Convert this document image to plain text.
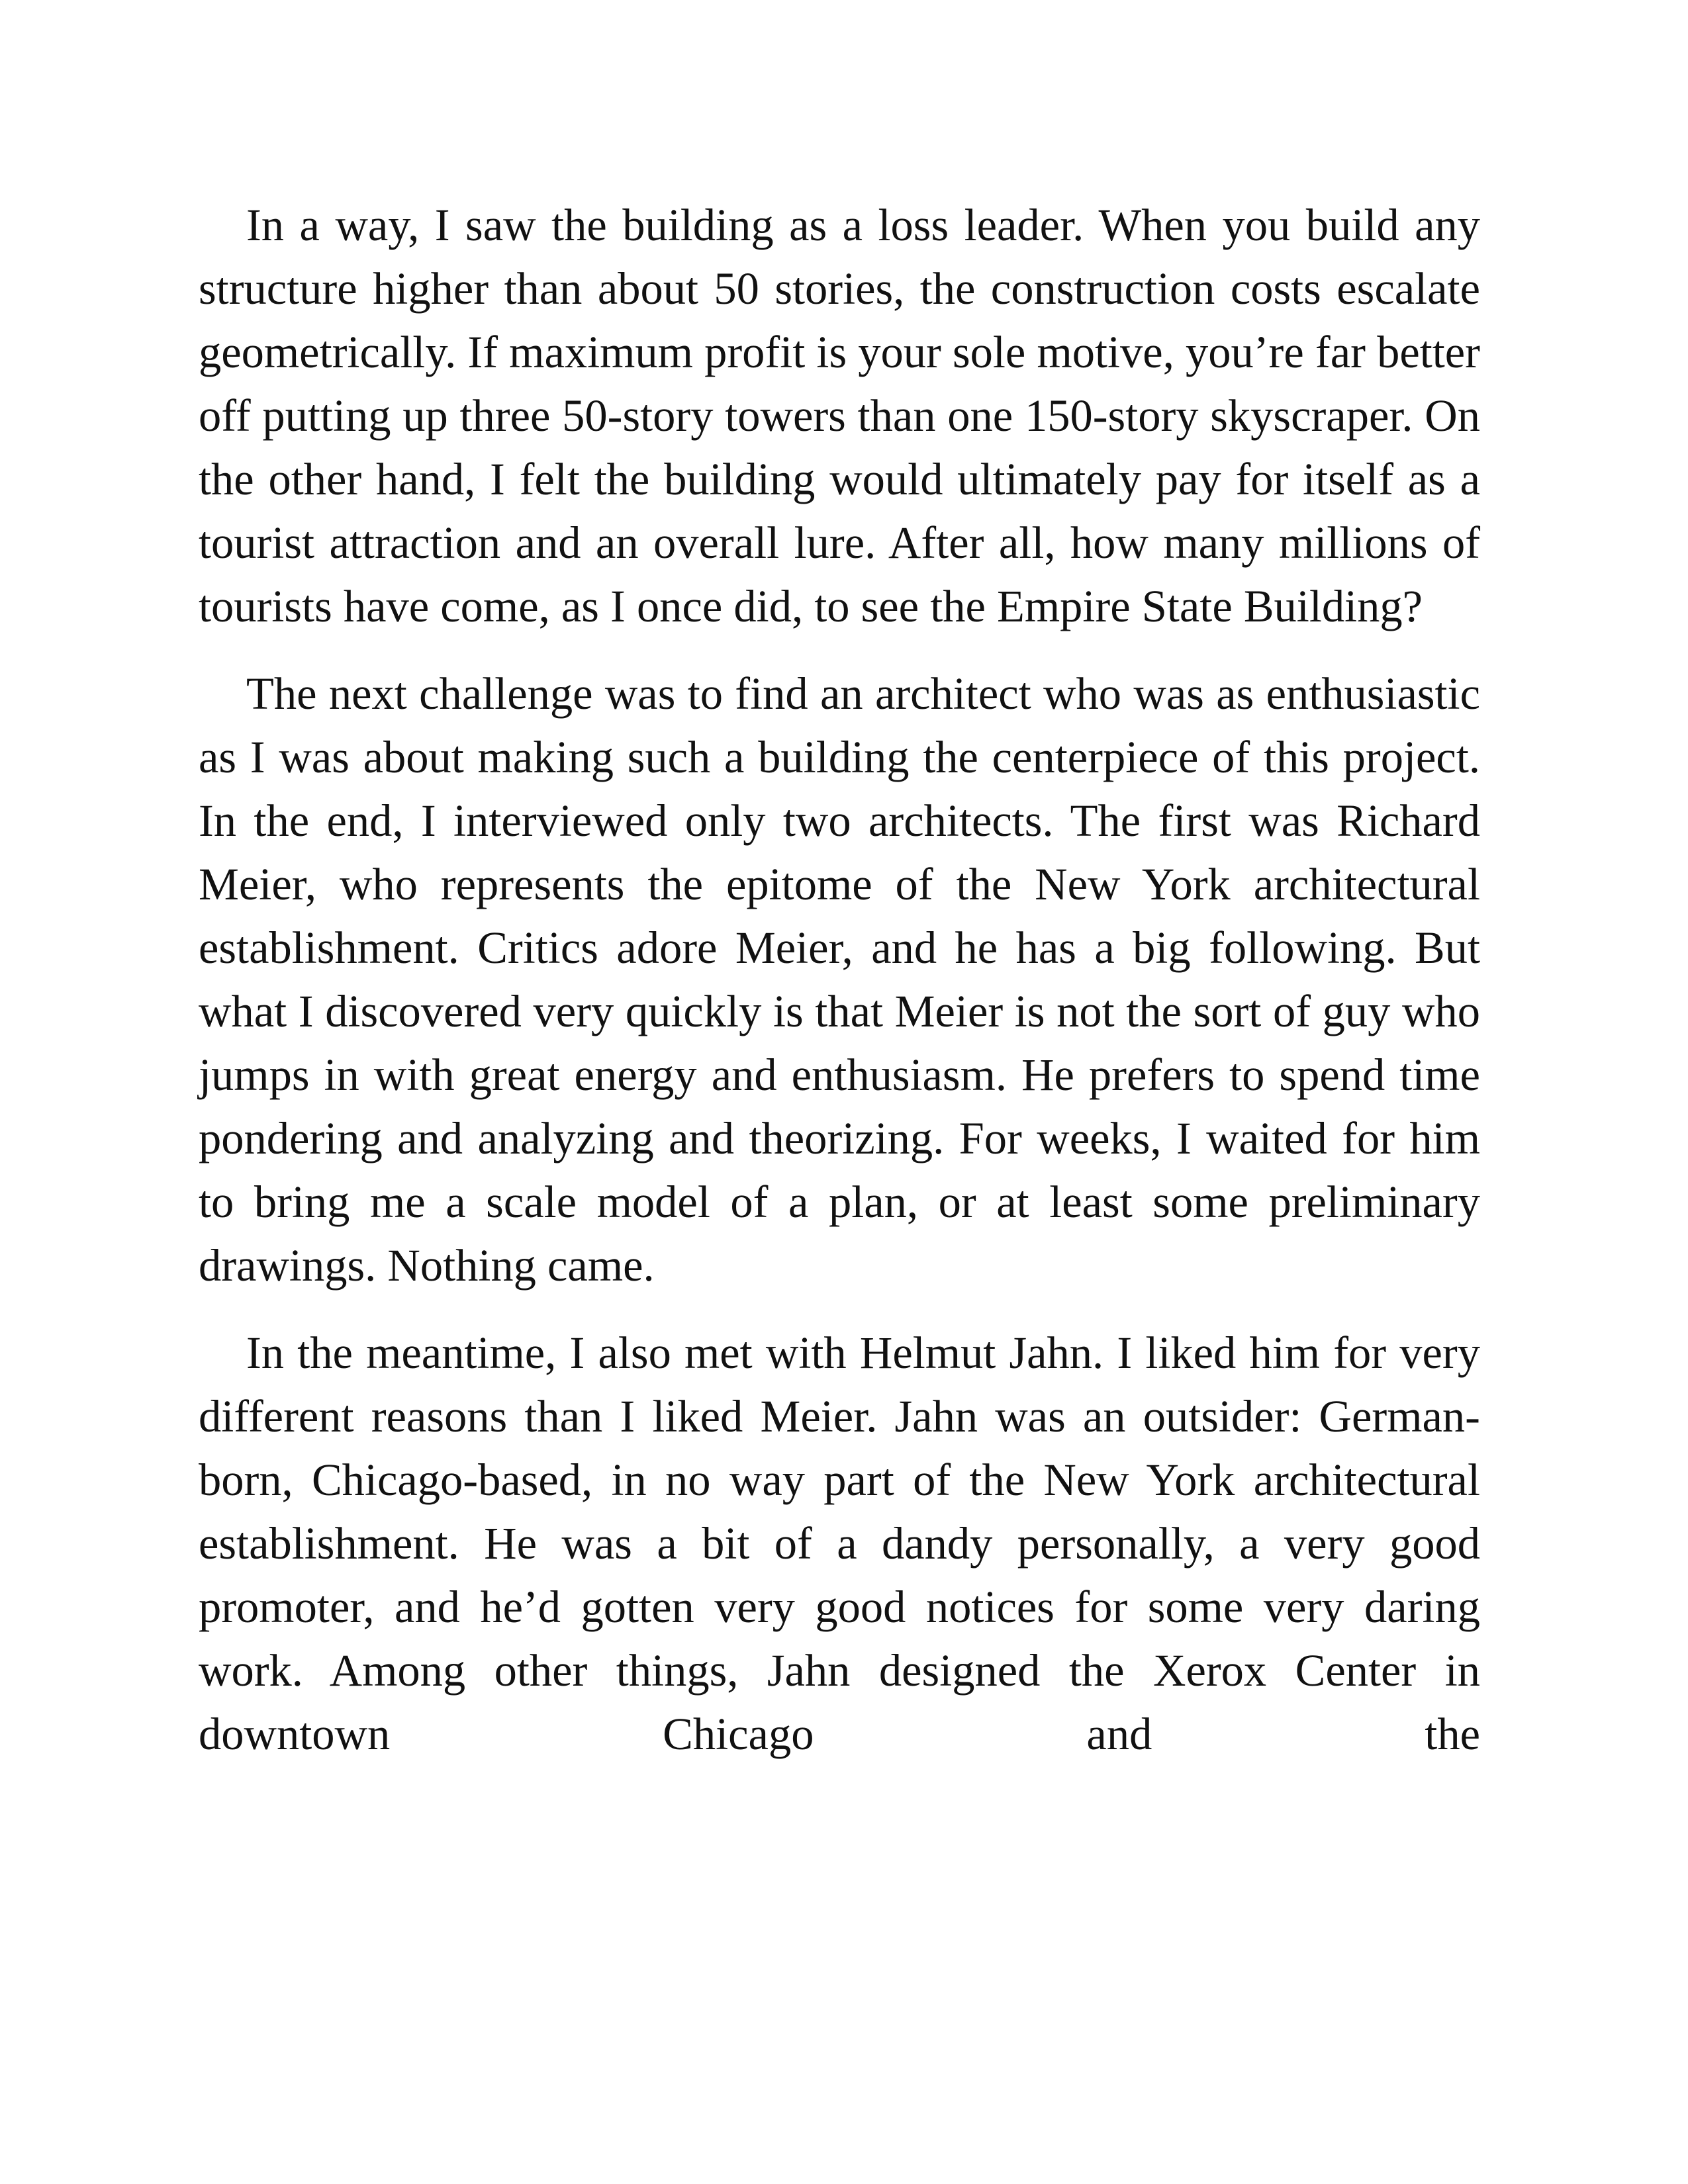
In a way, I saw the building as a loss leader. When you build any structure higher than about 50 stories, the construction costs escalate geometrically. If maximum profit is your sole motive, you’re far better off putting up three 50-story towers than one 150-story skyscraper. On the other hand, I felt the building would ultimately pay for itself as a tourist attraction and an overall lure. After all, how many millions of tourists have come, as I once did, to see the Empire State Building?

The next challenge was to find an architect who was as enthusiastic as I was about making such a building the centerpiece of this project. In the end, I interviewed only two architects. The first was Richard Meier, who represents the epitome of the New York architectural establishment. Critics adore Meier, and he has a big following. But what I discovered very quickly is that Meier is not the sort of guy who jumps in with great energy and enthusiasm. He prefers to spend time pondering and analyzing and theorizing. For weeks, I waited for him to bring me a scale model of a plan, or at least some preliminary drawings. Nothing came.

In the meantime, I also met with Helmut Jahn. I liked him for very different reasons than I liked Meier. Jahn was an outsider: German-born, Chicago-based, in no way part of the New York architectural establishment. He was a bit of a dandy personally, a very good promoter, and he’d gotten very good notices for some very daring work. Among other things, Jahn designed the Xerox Center in downtown Chicago and the
